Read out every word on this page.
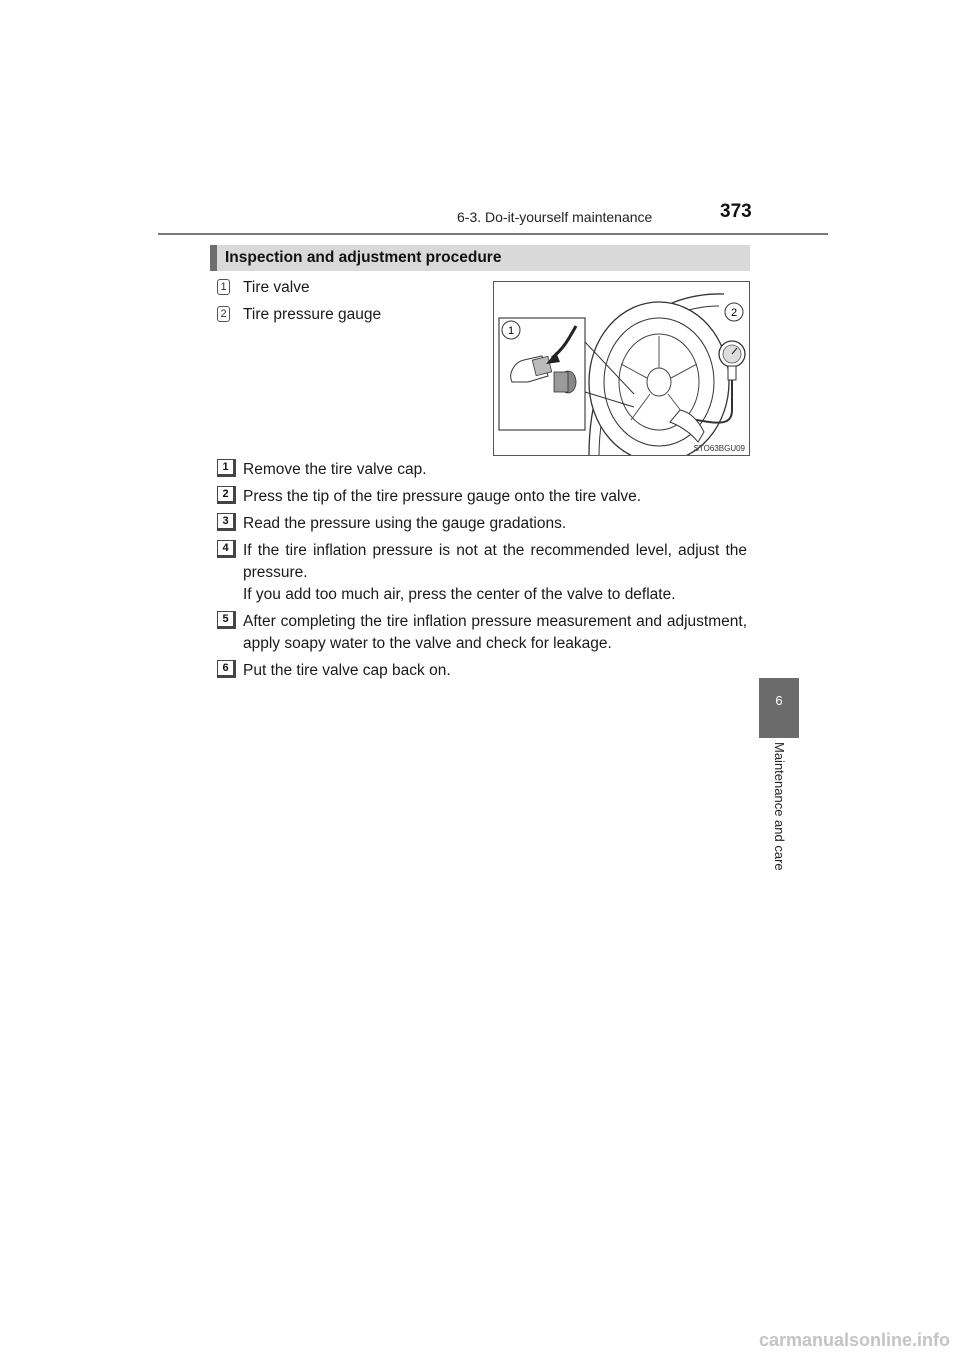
6-3. Do-it-yourself maintenance	373
Inspection and adjustment procedure
1 Tire valve
2 Tire pressure gauge
1
2
STO63BGU09
1 Remove the tire valve cap.

2 Press the tip of the tire pressure gauge onto the tire valve.

3 Read the pressure using the gauge gradations.

4 If the tire inflation pressure is not at the recommended level, adjust the pressure.

If you add too much air, press the center of the valve to deflate.

5 After completing the tire inflation pressure measurement and adjustment, apply soapy water to the valve and check for leakage.

6 Put the tire valve cap back on.

6
Maintenance and care
carmanualsonline.info
